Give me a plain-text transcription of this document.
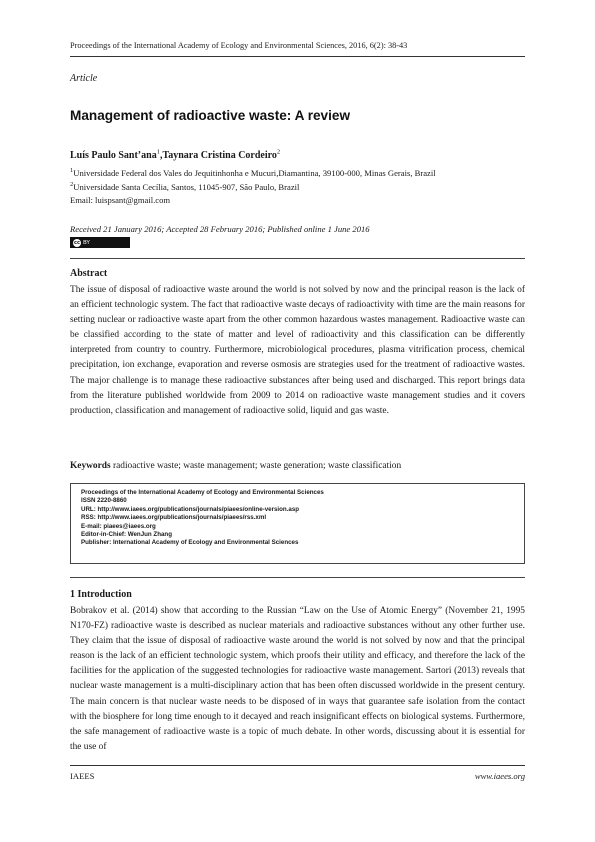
Proceedings of the International Academy of Ecology and Environmental Sciences, 2016, 6(2): 38-43
Article
Management of radioactive waste: A review
Luís Paulo Sant’ana$^1$,Taynara Cristina Cordeiro$^2$
$^1$Universidade Federal dos Vales do Jequitinhonha e Mucuri,Diamantina, 39100-000, Minas Gerais, Brazil
$^2$Universidade Santa Cecília, Santos, 11045-907, São Paulo, Brazil
Email: luispsant@gmail.com
Received 21 January 2016; Accepted 28 February 2016; Published online 1 June 2016
cc BY
Abstract

The issue of disposal of radioactive waste around the world is not solved by now and the principal reason is the lack of an efficient technologic system. The fact that radioactive waste decays of radioactivity with time are the main reasons for setting nuclear or radioactive waste apart from the other common hazardous wastes management. Radioactive waste can be classified according to the state of matter and level of radioactivity and this classification can be differently interpreted from country to country. Furthermore, microbiological procedures, plasma vitrification process, chemical precipitation, ion exchange, evaporation and reverse osmosis are strategies used for the treatment of radioactive wastes. The major challenge is to manage these radioactive substances after being used and discharged. This report brings data from the literature published worldwide from 2009 to 2014 on radioactive waste management studies and it covers production, classification and management of radioactive solid, liquid and gas waste.

Keywords radioactive waste; waste management; waste generation; waste classification
Proceedings of the International Academy of Ecology and Environmental Sciences
ISSN 2220-8860
URL: http://www.iaees.org/publications/journals/piaees/online-version.asp
RSS: http://www.iaees.org/publications/journals/piaees/rss.xml
E-mail: piaees@iaees.org
Editor-in-Chief: WenJun Zhang
Publisher: International Academy of Ecology and Environmental Sciences
1 Introduction

Bobrakov et al. (2014) show that according to the Russian “Law on the Use of Atomic Energy” (November 21, 1995 N170-FZ) radioactive waste is described as nuclear materials and radioactive substances without any other further use. They claim that the issue of disposal of radioactive waste around the world is not solved by now and that the principal reason is the lack of an efficient technologic system, which proofs their utility and efficacy, and therefore the lack of the facilities for the application of the suggested technologies for radioactive waste management. Sartori (2013) reveals that nuclear waste management is a multi-disciplinary action that has been often discussed worldwide in the present century. The main concern is that nuclear waste needs to be disposed of in ways that guarantee safe isolation from the contact with the biosphere for long time enough to it decayed and reach insignificant effects on biological systems. Furthermore, the safe management of radioactive waste is a topic of much debate. In other words, discussing about it is essential for the use of

IAEES	www.iaees.org
